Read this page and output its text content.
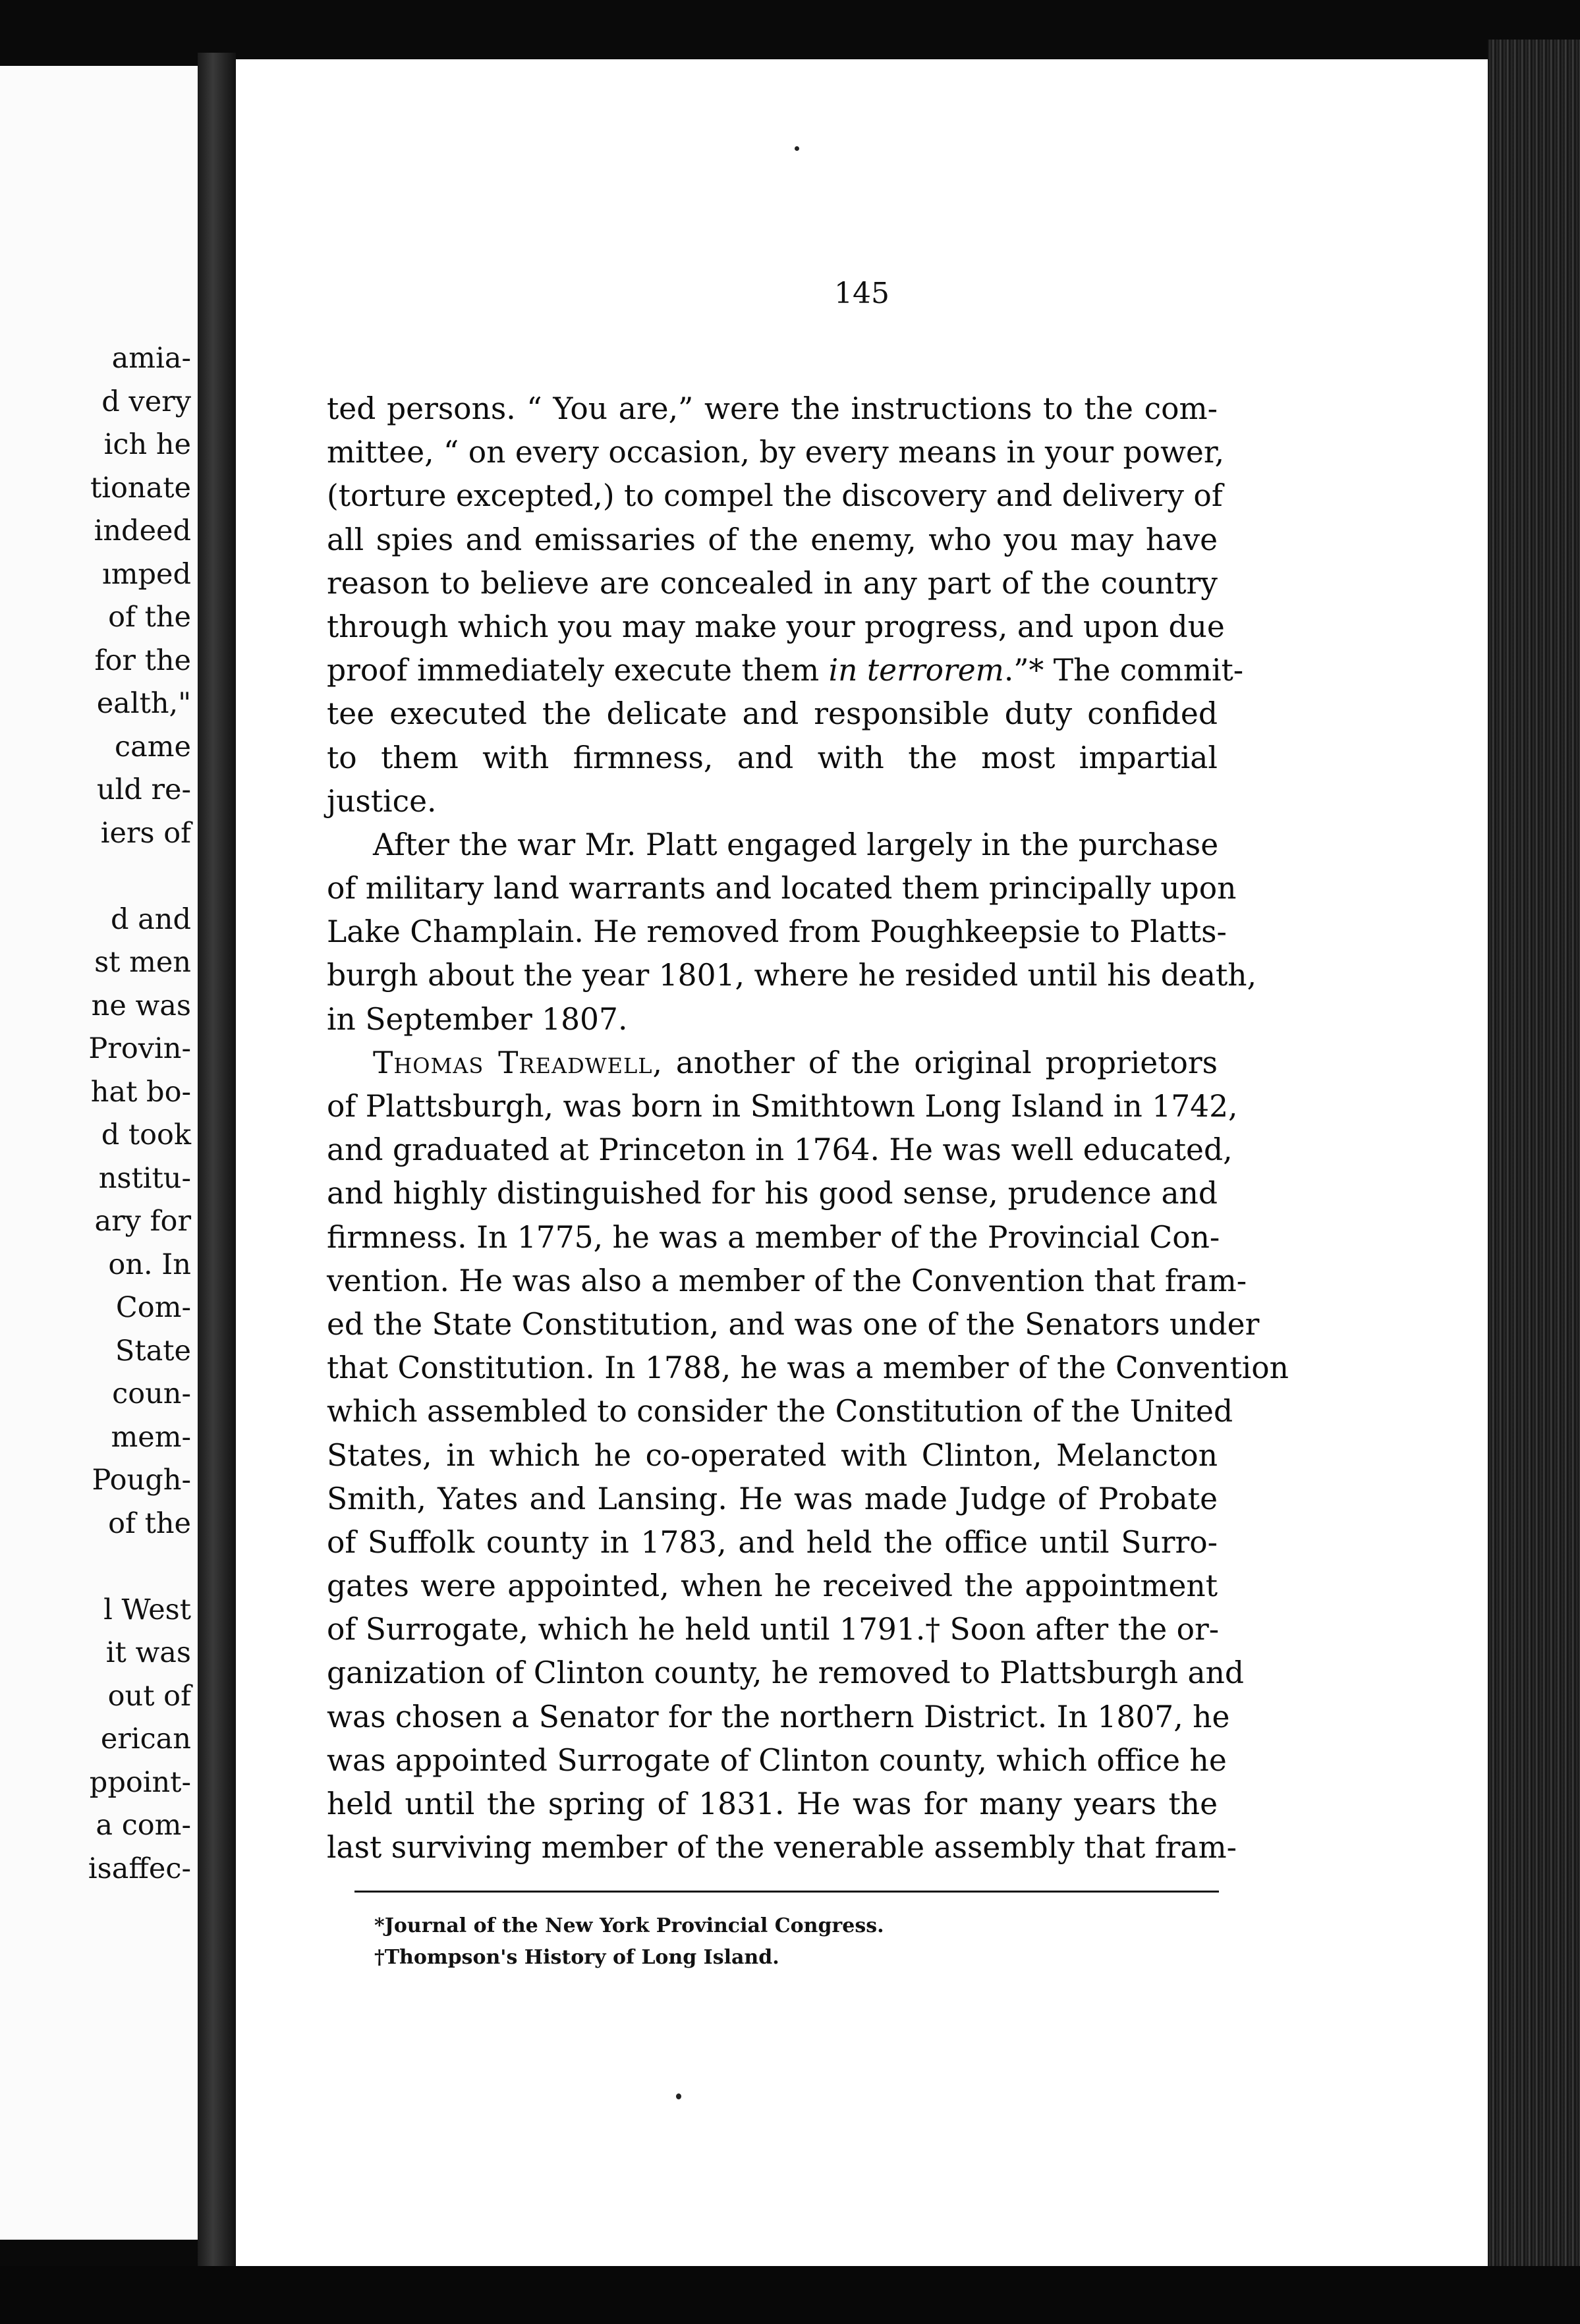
amia-
d very
ich he
tionate
indeed
ımped
of the
for the
ealth,"
came
uld re-
iers of
d and
st men
ne was
Provin-
hat bo-
d took
nstitu-
ary for
on. In
Com-
State
coun-
mem-
Pough-
of the
l West
it was
out of
erican
ppoint-
a com-
isaffec-
145
ted persons. “ You are,” were the instructions to the com-
mittee, “ on every occasion, by every means in your power,
(torture excepted,) to compel the discovery and delivery of
all spies and emissaries of the enemy, who you may have
reason to believe are concealed in any part of the country
through which you may make your progress, and upon due
proof immediately execute them in terrorem.”* The commit-
tee executed the delicate and responsible duty confided
to them with firmness, and with the most impartial
justice.
After the war Mr. Platt engaged largely in the purchase
of military land warrants and located them principally upon
Lake Champlain. He removed from Poughkeepsie to Platts-
burgh about the year 1801, where he resided until his death,
in September 1807.
Thomas Treadwell, another of the original proprietors
of Plattsburgh, was born in Smithtown Long Island in 1742,
and graduated at Princeton in 1764. He was well educated,
and highly distinguished for his good sense, prudence and
firmness. In 1775, he was a member of the Provincial Con-
vention. He was also a member of the Convention that fram-
ed the State Constitution, and was one of the Senators under
that Constitution. In 1788, he was a member of the Convention
which assembled to consider the Constitution of the United
States, in which he co-operated with Clinton, Melancton
Smith, Yates and Lansing. He was made Judge of Probate
of Suffolk county in 1783, and held the office until Surro-
gates were appointed, when he received the appointment
of Surrogate, which he held until 1791.† Soon after the or-
ganization of Clinton county, he removed to Plattsburgh and
was chosen a Senator for the northern District. In 1807, he
was appointed Surrogate of Clinton county, which office he
held until the spring of 1831. He was for many years the
last surviving member of the venerable assembly that fram-
*Journal of the New York Provincial Congress.
†Thompson's History of Long Island.
